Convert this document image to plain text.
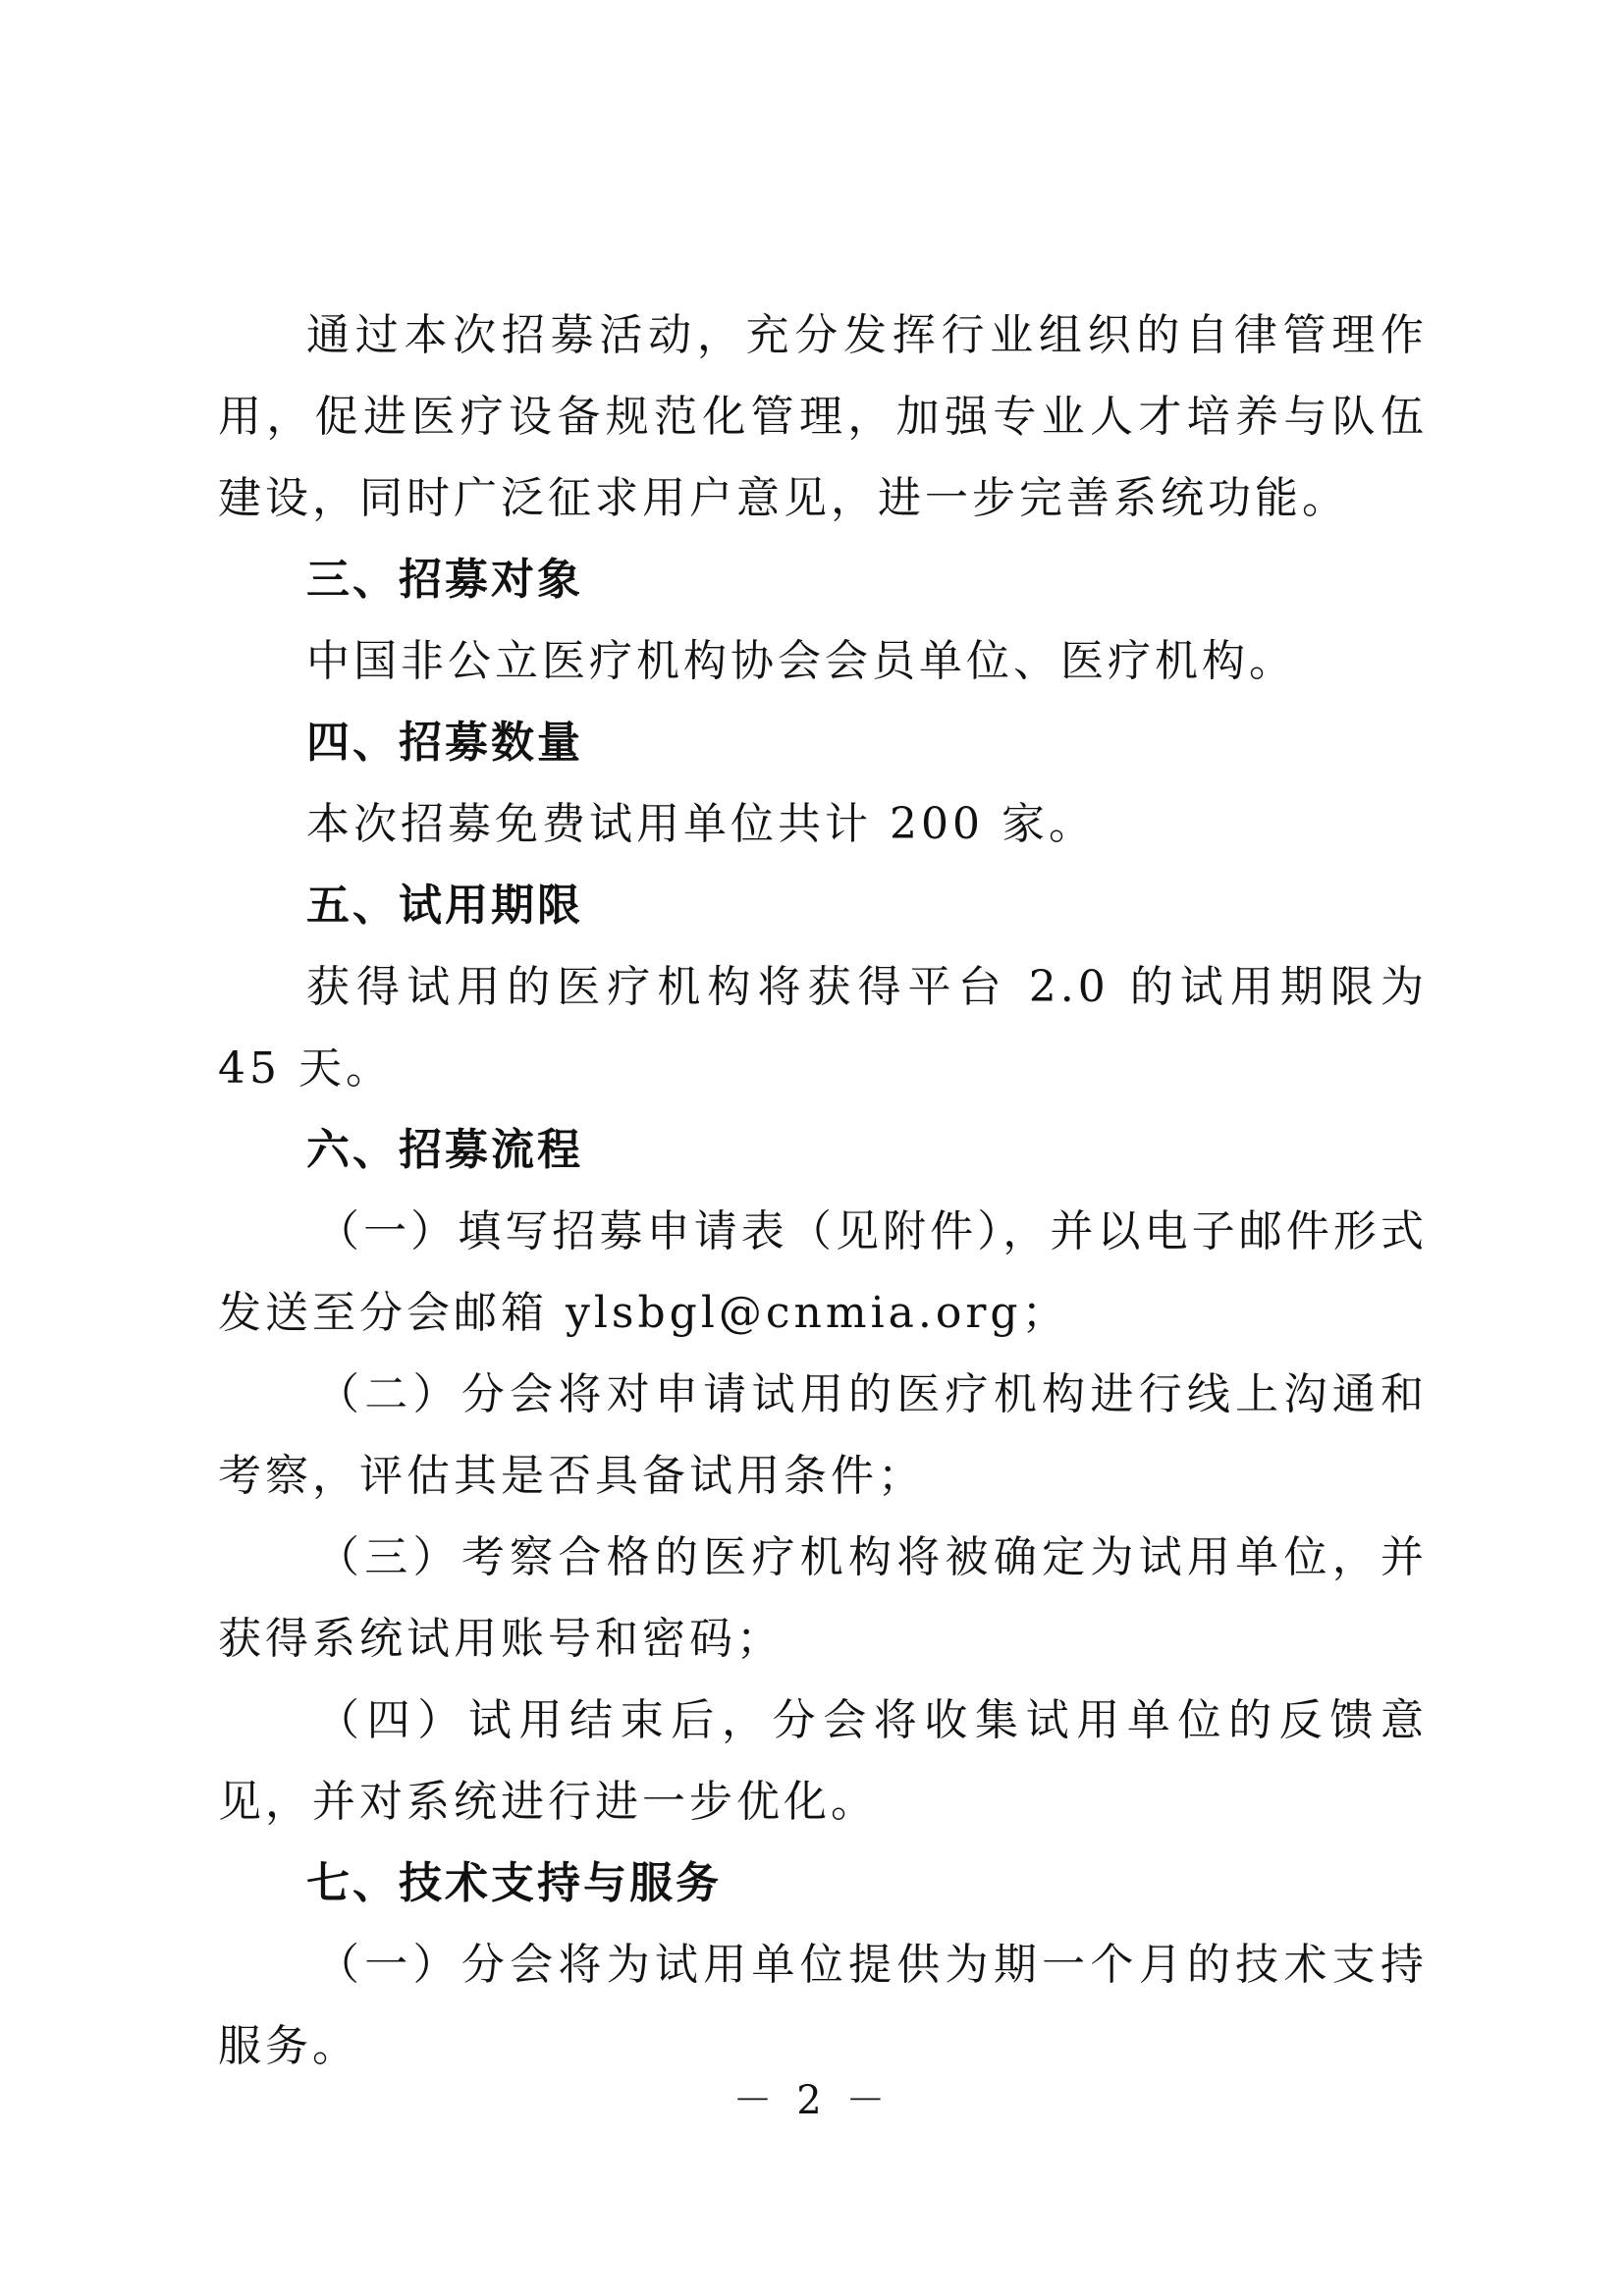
通过本次招募活动，充分发挥行业组织的自律管理作用，促进医疗设备规范化管理，加强专业人才培养与队伍建设，同时广泛征求用户意见，进一步完善系统功能。

三、招募对象

中国非公立医疗机构协会会员单位、医疗机构。

四、招募数量

本次招募免费试用单位共计 200 家。

五、试用期限

获得试用的医疗机构将获得平台 2.0 的试用期限为 45 天。

六、招募流程

（一）填写招募申请表（见附件），并以电子邮件形式发送至分会邮箱 ylsbgl@cnmia.org；

（二）分会将对申请试用的医疗机构进行线上沟通和考察，评估其是否具备试用条件；

（三）考察合格的医疗机构将被确定为试用单位，并获得系统试用账号和密码；

（四）试用结束后，分会将收集试用单位的反馈意见，并对系统进行进一步优化。

七、技术支持与服务

（一）分会将为试用单位提供为期一个月的技术支持服务。

－ 2 －
